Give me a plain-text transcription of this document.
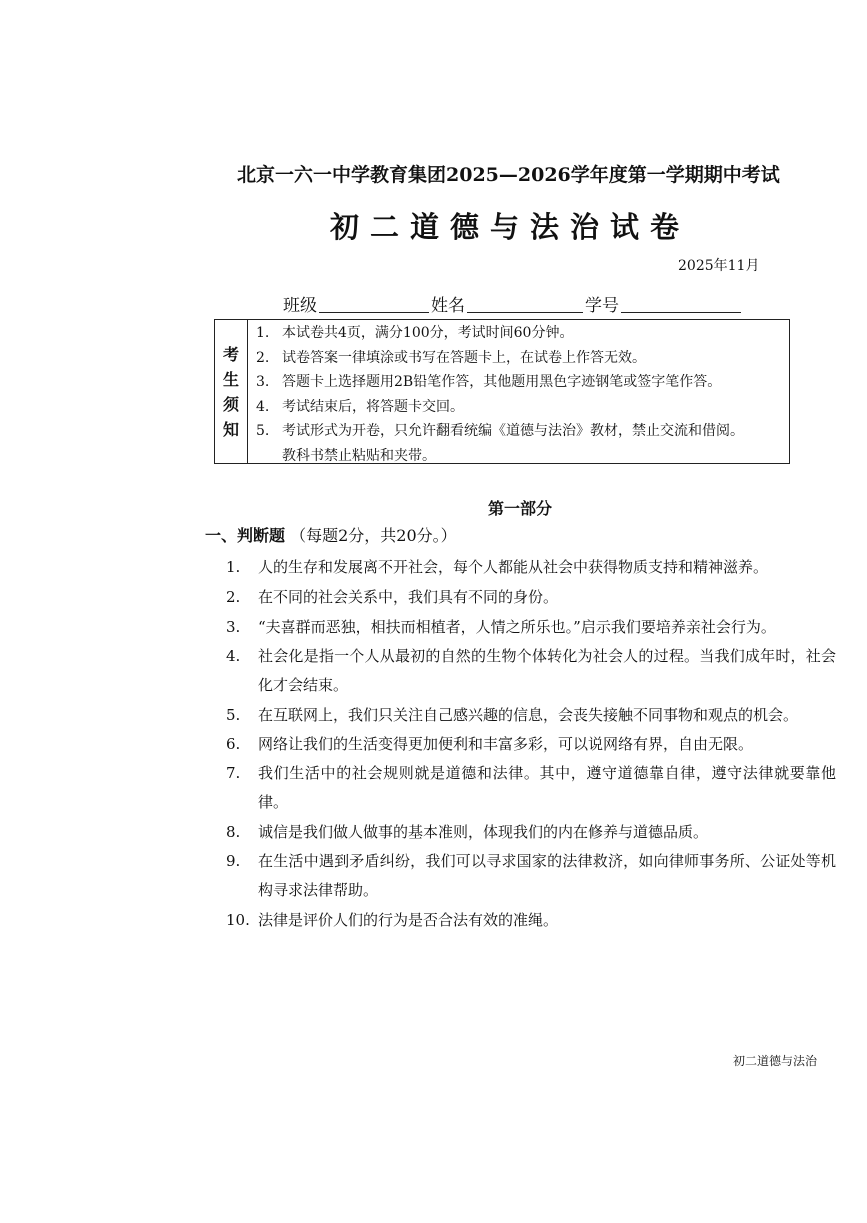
北京一六一中学教育集团2025—2026学年度第一学期期中考试
初二道德与法治试卷
2025年11月
班级	姓名	学号
考
生
须
知
1. 本试卷共4页，满分100分，考试时间60分钟。
2. 试卷答案一律填涂或书写在答题卡上，在试卷上作答无效。
3. 答题卡上选择题用2B铅笔作答，其他题用黑色字迹钢笔或签字笔作答。
4. 考试结束后，将答题卡交回。
5. 考试形式为开卷，只允许翻看统编《道德与法治》教材，禁止交流和借阅。
教科书禁止粘贴和夹带。
第一部分
一、判断题 （每题2分，共20分。）
1.	人的生存和发展离不开社会，每个人都能从社会中获得物质支持和精神滋养。
2.	在不同的社会关系中，我们具有不同的身份。
3.	“夫喜群而恶独，相扶而相植者，人情之所乐也。”启示我们要培养亲社会行为。
4.	社会化是指一个人从最初的自然的生物个体转化为社会人的过程。当我们成年时，社会化才会结束。
5.	在互联网上，我们只关注自己感兴趣的信息，会丧失接触不同事物和观点的机会。
6.	网络让我们的生活变得更加便利和丰富多彩，可以说网络有界，自由无限。
7.	我们生活中的社会规则就是道德和法律。其中，遵守道德靠自律，遵守法律就要靠他律。
8.	诚信是我们做人做事的基本准则，体现我们的内在修养与道德品质。
9.	在生活中遇到矛盾纠纷，我们可以寻求国家的法律救济，如向律师事务所、公证处等机构寻求法律帮助。
10. 法律是评价人们的行为是否合法有效的准绳。
初二道德与法治
